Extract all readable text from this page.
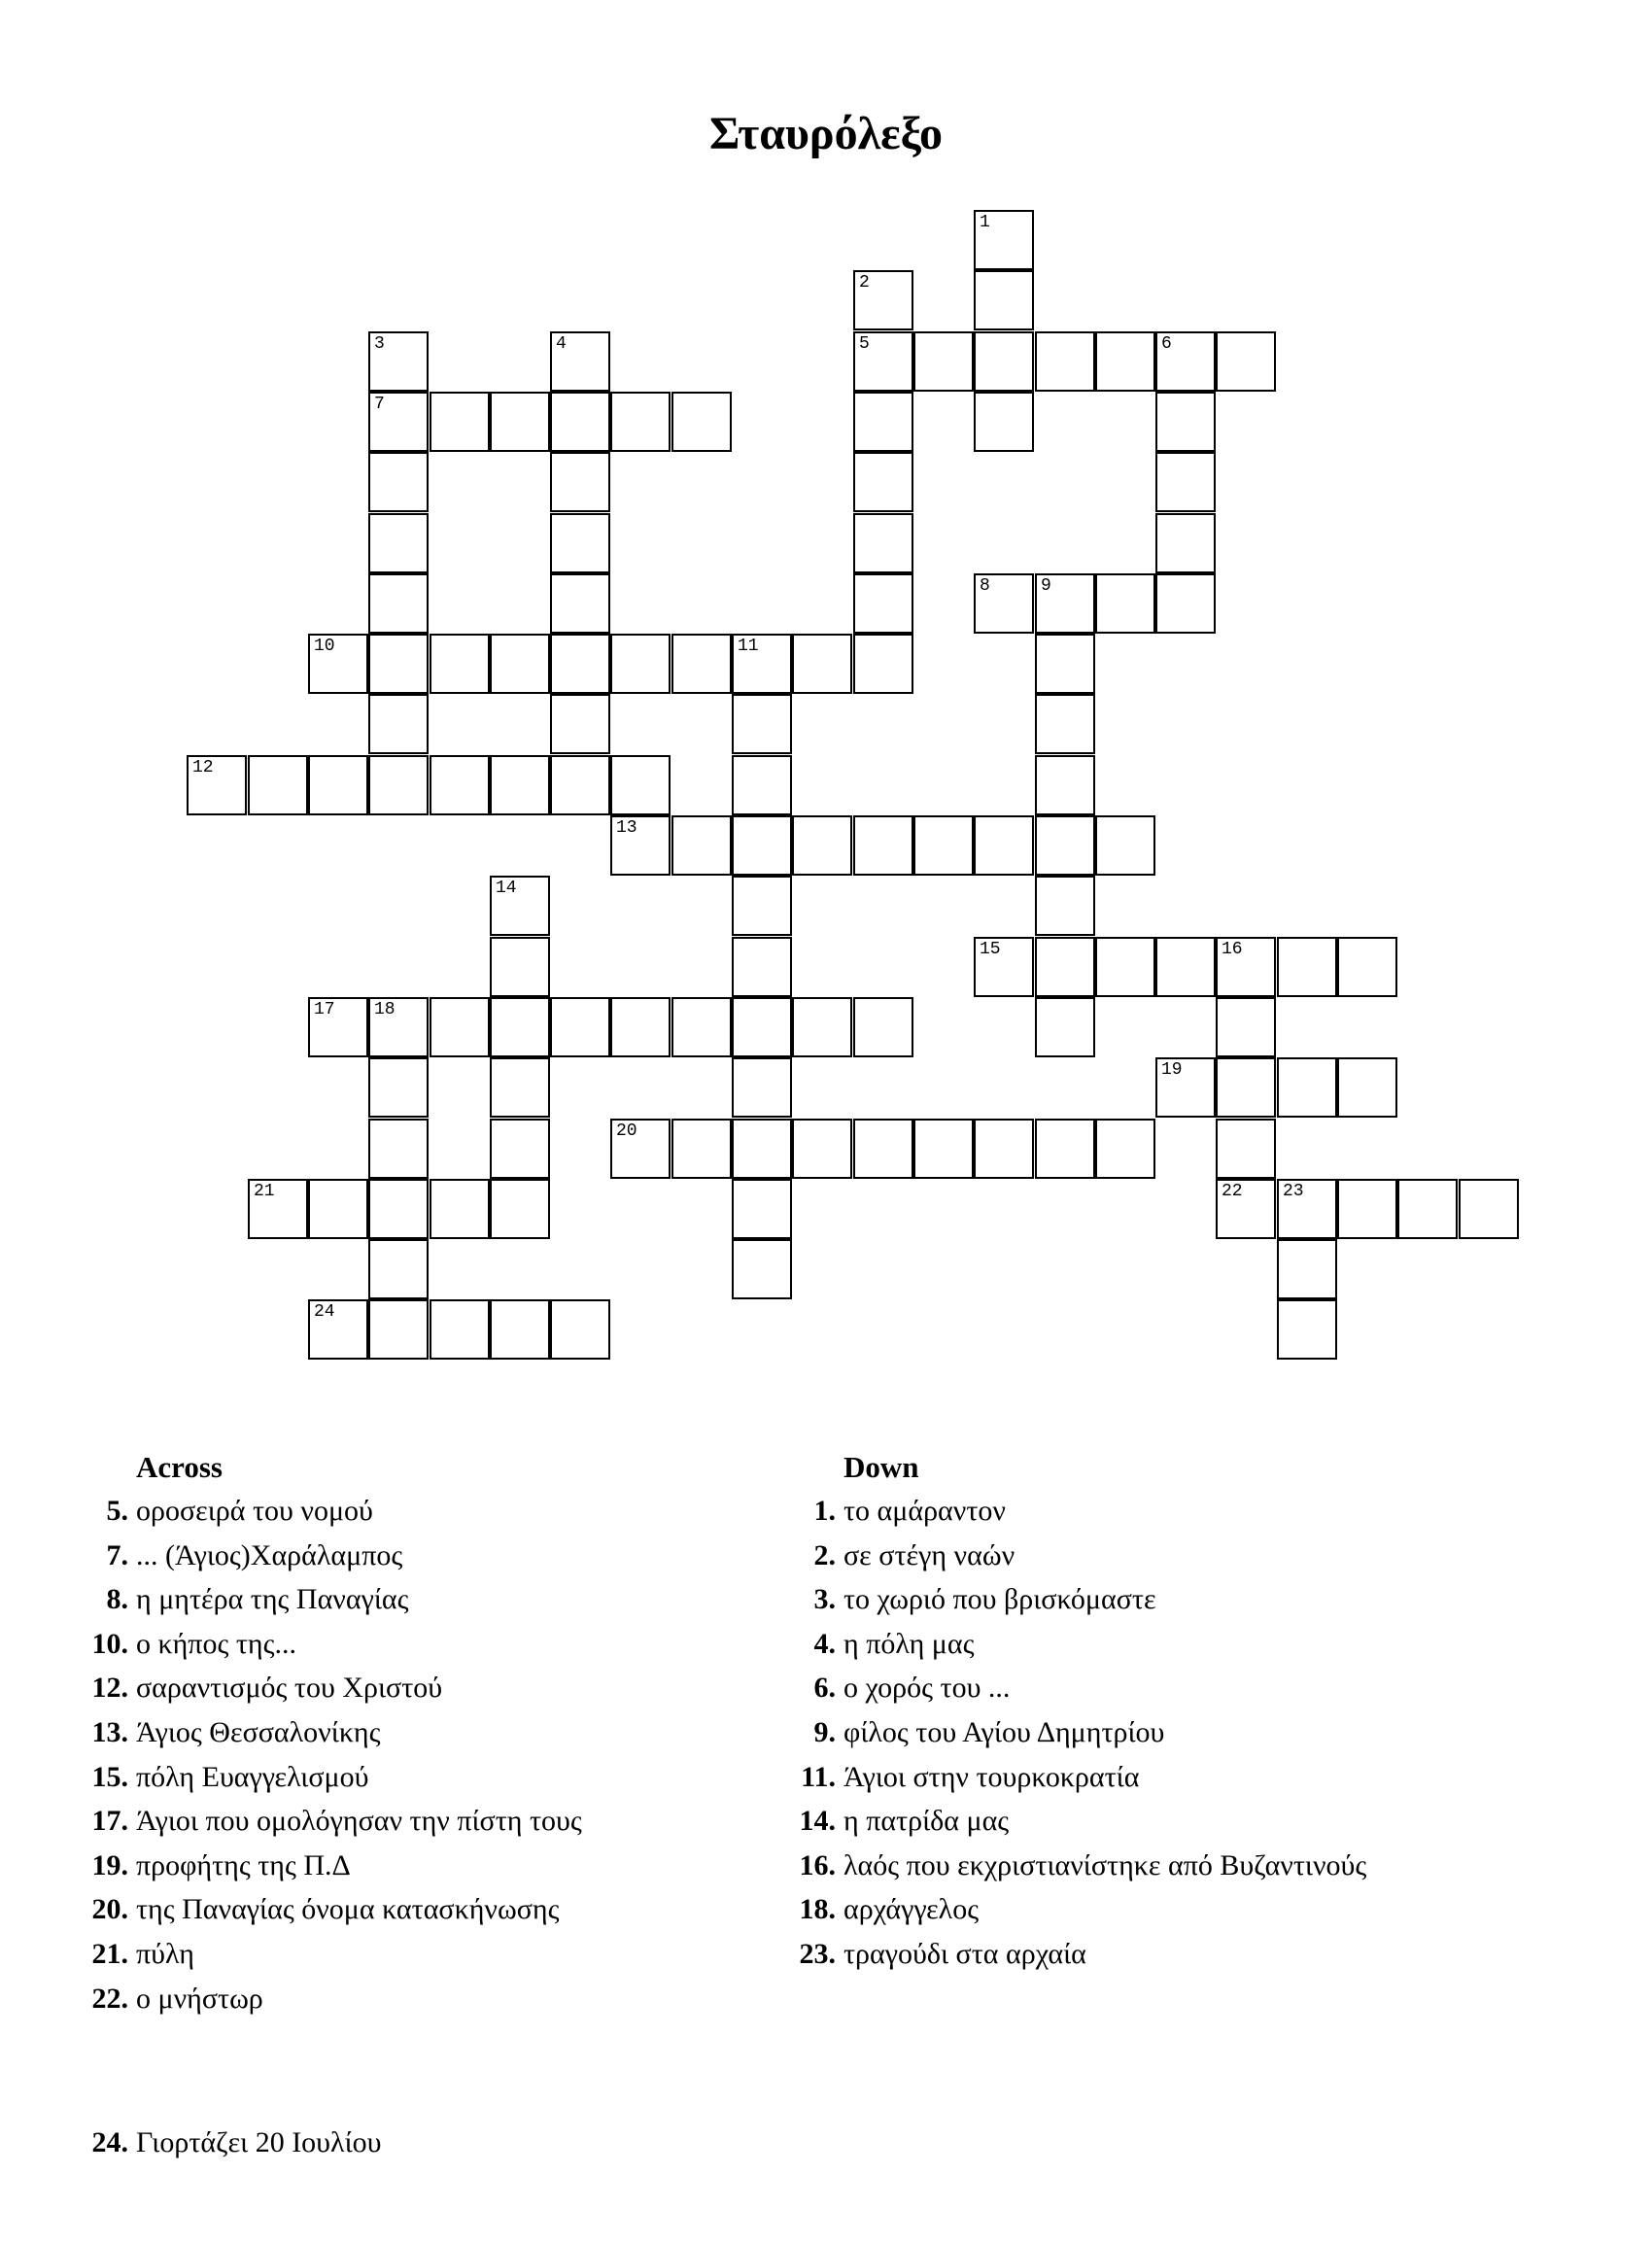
Σταυρόλεξο
1
2
3	4	5	6
7
8	9
10	11
12
13
14
15	16
17 18
19
20
21	22 23
24
Across
5. οροσειρά του νομού
7. ... (Άγιος)Χαράλαμπος
8. η μητέρα της Παναγίας
10. ο κήπος της...
12. σαραντισμός του Χριστού
13. Άγιος Θεσσαλονίκης
15. πόλη Ευαγγελισμού
17. Άγιοι που ομολόγησαν την πίστη τους
19. προφήτης της Π.Δ
20. της Παναγίας όνομα κατασκήνωσης
21. πύλη
22. ο μνήστωρ
Down
1. το αμάραντον
2. σε στέγη ναών
3. το χωριό που βρισκόμαστε
4. η πόλη μας
6. ο χορός του ...
9. φίλος του Αγίου Δημητρίου
11. Άγιοι στην τουρκοκρατία
14. η πατρίδα μας
16. λαός που εκχριστιανίστηκε από Βυζαντινούς
18. αρχάγγελος
23. τραγούδι στα αρχαία
24. Γιορτάζει 20 Ιουλίου
